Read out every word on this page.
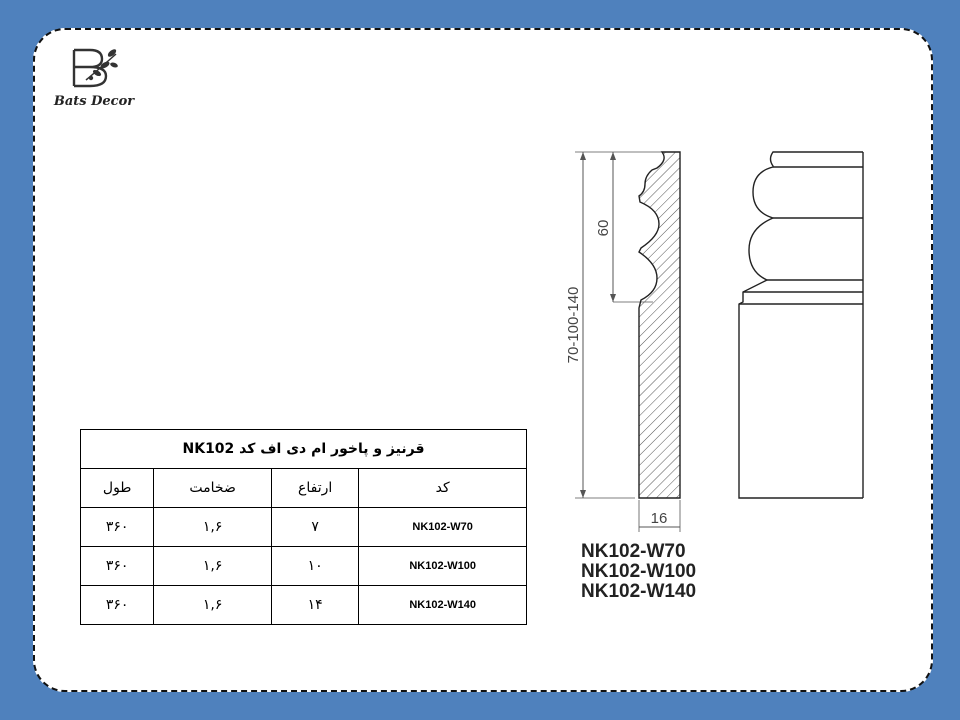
Bats Decor
قرنیز و پاخور ام دی اف کد NK102			
کد	ارتفاع	ضخامت	طول
NK102-W70	۷	۱,۶	۳۶۰
NK102-W100	۱۰	۱,۶	۳۶۰
NK102-W140	۱۴	۱,۶	۳۶۰
70-100-140
60
16
NK102-W70
NK102-W100
NK102-W140
